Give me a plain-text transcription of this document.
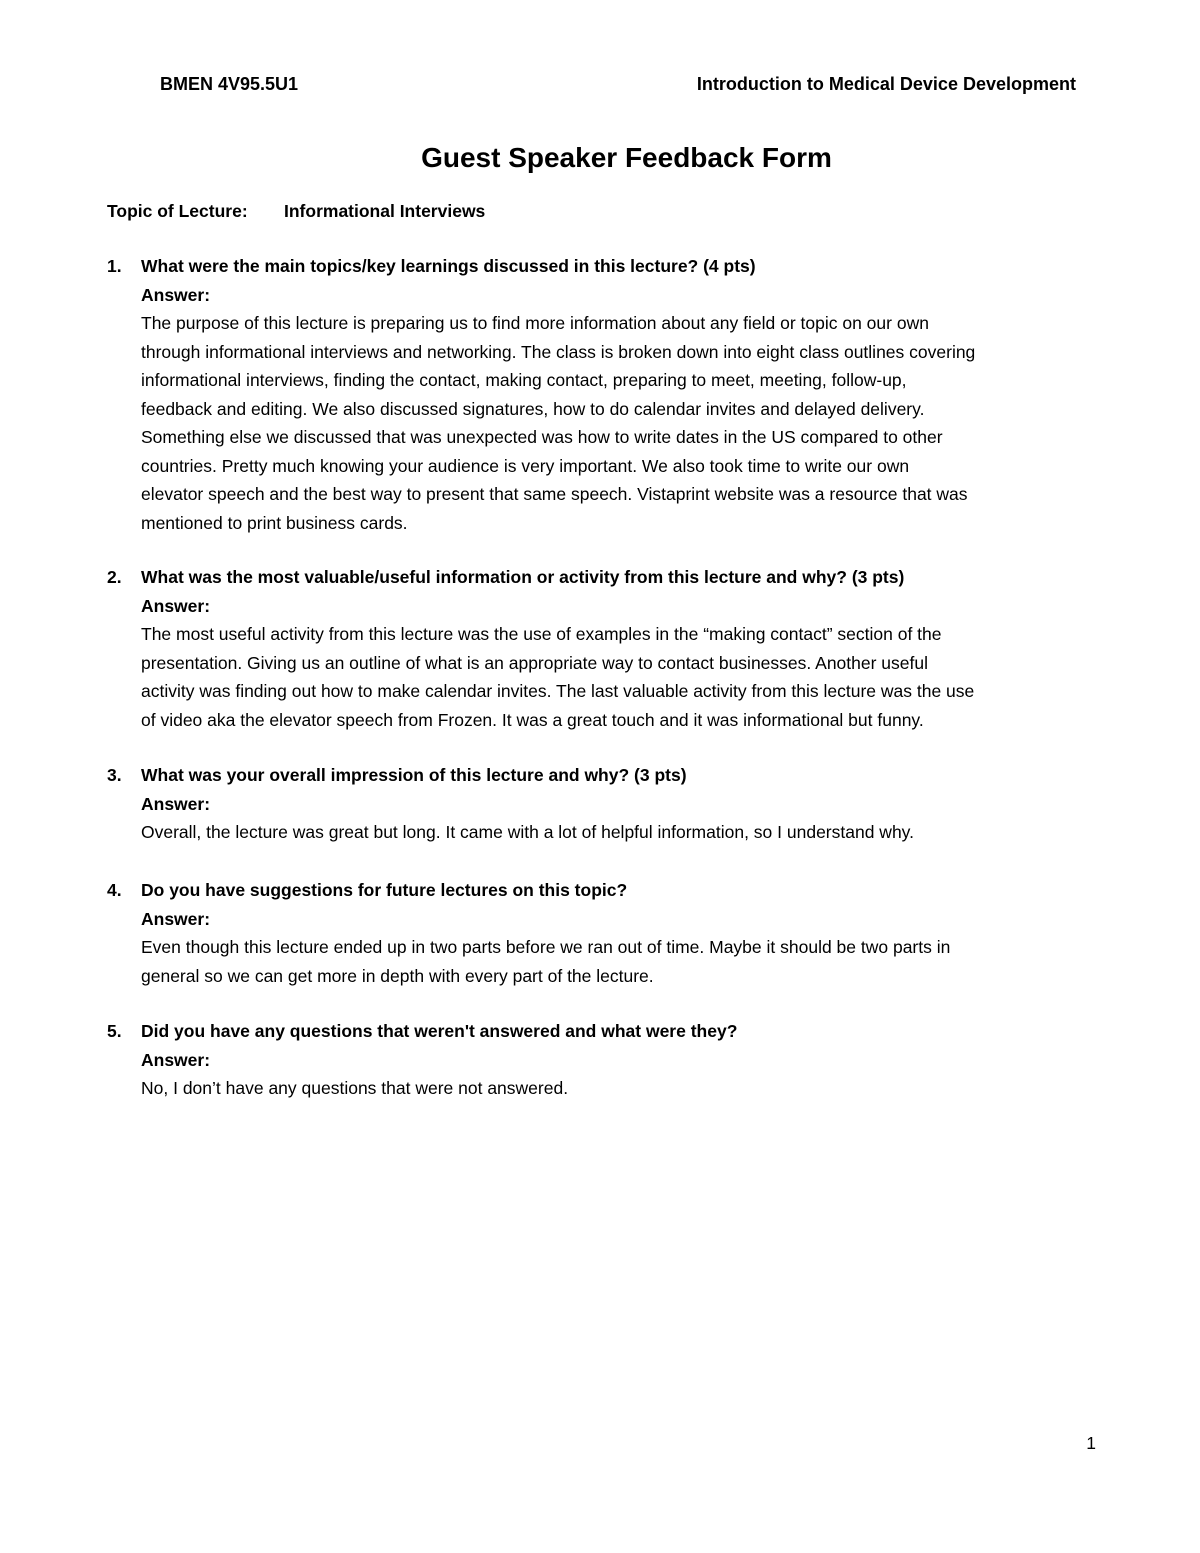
BMEN 4V95.5U1	Introduction to Medical Device Development
Guest Speaker Feedback Form
Topic of Lecture: Informational Interviews
1. What were the main topics/key learnings discussed in this lecture? (4 pts)
Answer:
The purpose of this lecture is preparing us to find more information about any field or topic on our own
through informational interviews and networking. The class is broken down into eight class outlines covering
informational interviews, finding the contact, making contact, preparing to meet, meeting, follow-up,
feedback and editing. We also discussed signatures, how to do calendar invites and delayed delivery.
Something else we discussed that was unexpected was how to write dates in the US compared to other
countries. Pretty much knowing your audience is very important. We also took time to write our own
elevator speech and the best way to present that same speech. Vistaprint website was a resource that was
mentioned to print business cards.
2. What was the most valuable/useful information or activity from this lecture and why? (3 pts)
Answer:
The most useful activity from this lecture was the use of examples in the “making contact” section of the
presentation. Giving us an outline of what is an appropriate way to contact businesses. Another useful
activity was finding out how to make calendar invites. The last valuable activity from this lecture was the use
of video aka the elevator speech from Frozen. It was a great touch and it was informational but funny.
3. What was your overall impression of this lecture and why? (3 pts)
Answer:
Overall, the lecture was great but long. It came with a lot of helpful information, so I understand why.
4. Do you have suggestions for future lectures on this topic?
Answer:
Even though this lecture ended up in two parts before we ran out of time. Maybe it should be two parts in
general so we can get more in depth with every part of the lecture.
5. Did you have any questions that weren't answered and what were they?
Answer:
No, I don’t have any questions that were not answered.
1
